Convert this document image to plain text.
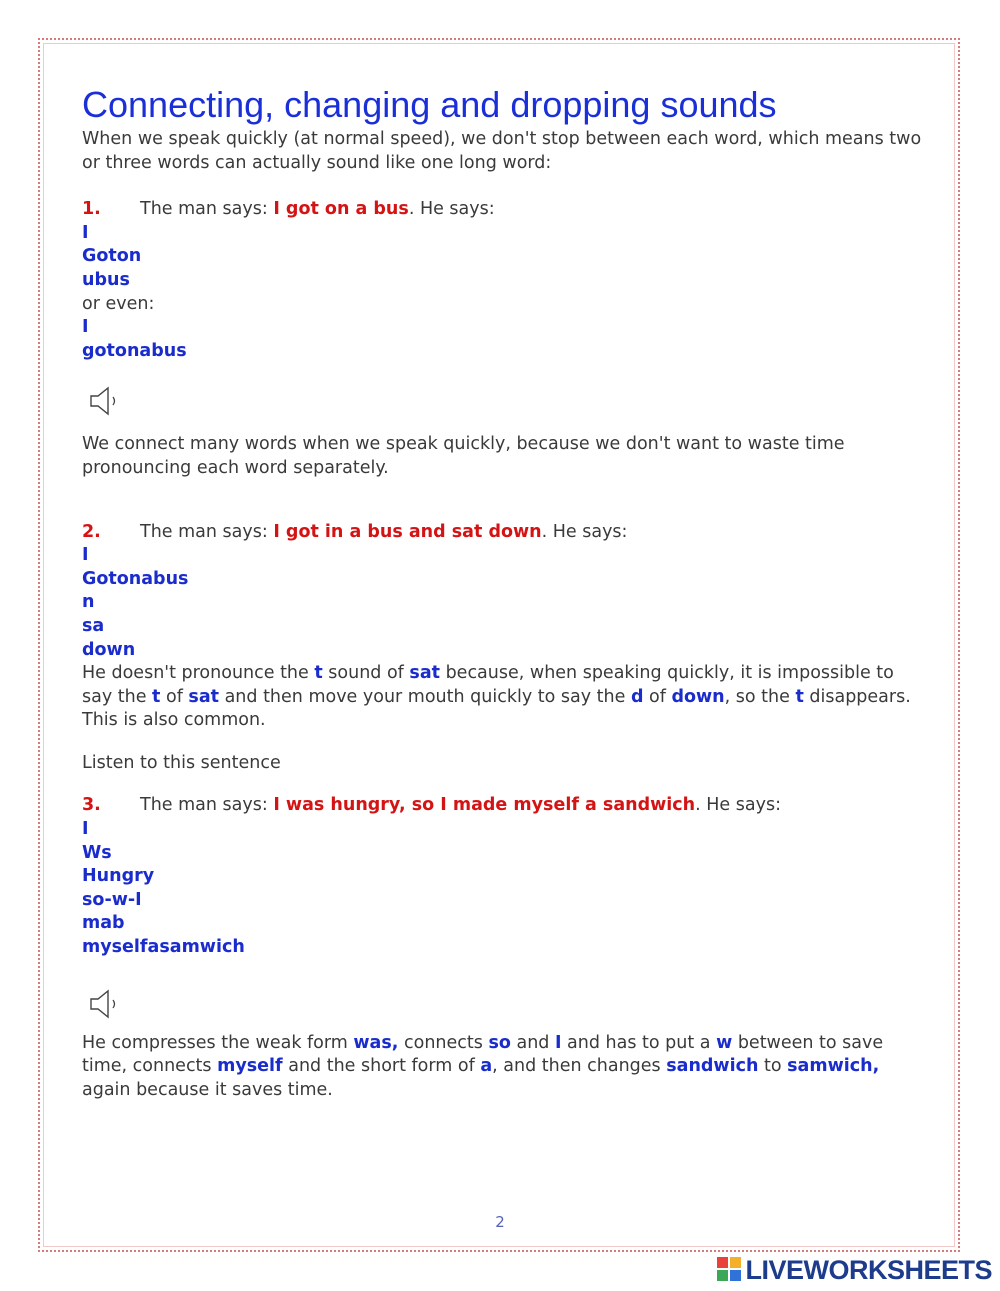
Connecting, changing and dropping sounds

When we speak quickly (at normal speed), we don't stop between each word, which means two or three words can actually sound like one long word:

1. The man says: I got on a bus. He says:

I

Goton

ubus

or even:

I

gotonabus

We connect many words when we speak quickly, because we don't want to waste time pronouncing each word separately.

2. The man says: I got in a bus and sat down. He says:

I

Gotonabus

n

sa

down

He doesn't pronounce the t sound of sat because, when speaking quickly, it is impossible to say the t of sat and then move your mouth quickly to say the d of down, so the t disappears. This is also common.

Listen to this sentence

3. The man says: I was hungry, so I made myself a sandwich. He says:

I

Ws

Hungry

so-w-I

mab

myselfasamwich

He compresses the weak form was, connects so and I and has to put a w between to save time, connects myself and the short form of a, and then changes sandwich to samwich, again because it saves time.

2
LIVEWORKSHEETS
